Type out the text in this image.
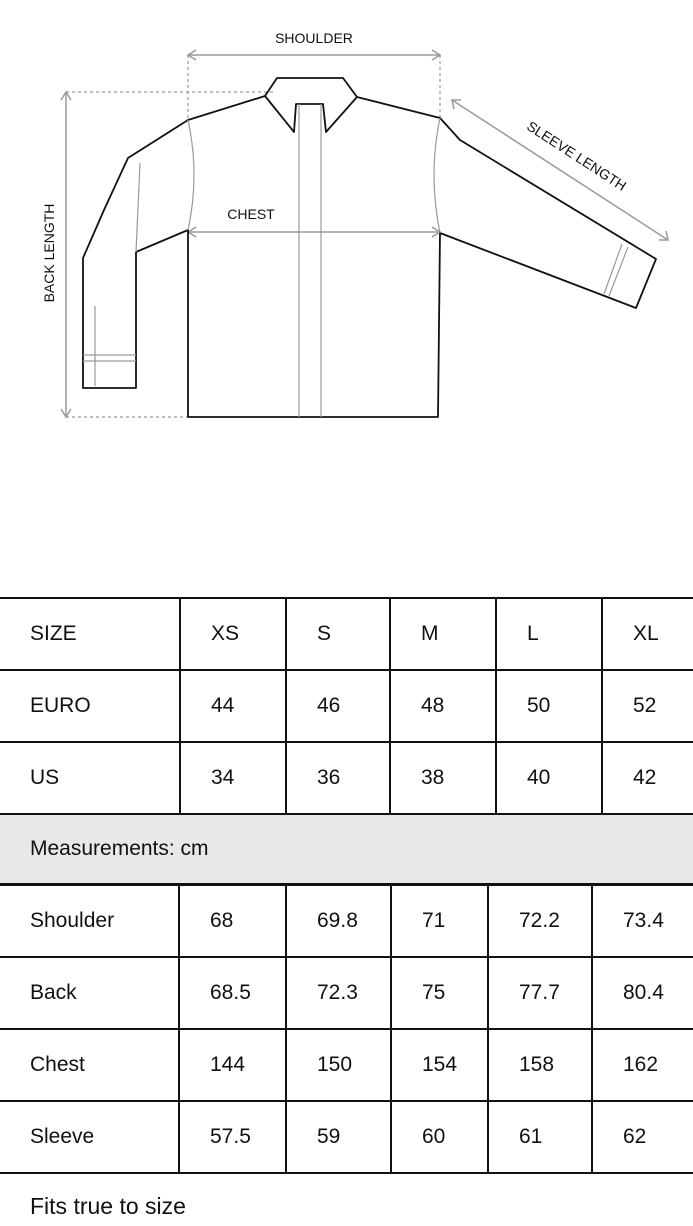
SHOULDER
CHEST
BACK LENGTH
SLEEVE LENGTH
SIZE	XS	S	M	L	XL
EURO	44	46	48	50	52
US	34	36	38	40	42
Measurements: cm
Shoulder	68	69.8	71	72.2	73.4
Back	68.5	72.3	75	77.7	80.4
Chest	144	150	154	158	162
Sleeve	57.5	59	60	61	62
Fits true to size
